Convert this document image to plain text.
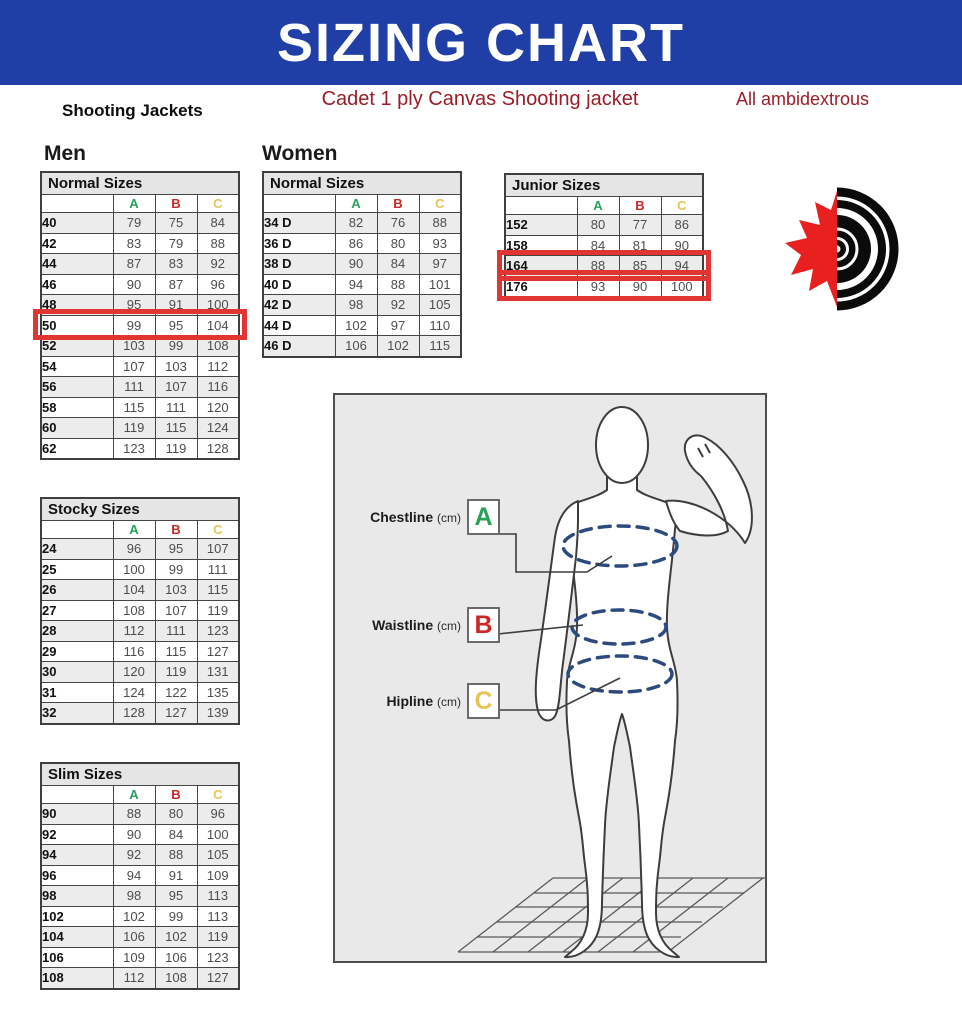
SIZING CHART
Shooting Jackets
Cadet 1 ply Canvas Shooting jacket	All ambidextrous
Men	Women
Normal Sizes			
	A	B	C
40	79	75	84
42	83	79	88
44	87	83	92
46	90	87	96
48	95	91	100
50	99	95	104
52	103	99	108
54	107	103	112
56	111	107	116
58	115	111	120
60	119	115	124
62	123	119	128
Normal Sizes			
	A	B	C
34 D	82	76	88
36 D	86	80	93
38 D	90	84	97
40 D	94	88	101
42 D	98	92	105
44 D	102	97	110
46 D	106	102	115
Junior Sizes			
	A	B	C
152	80	77	86
158	84	81	90
164	88	85	94
176	93	90	100
Stocky Sizes			
	A	B	C
24	96	95	107
25	100	99	111
26	104	103	115
27	108	107	119
28	112	111	123
29	116	115	127
30	120	119	131
31	124	122	135
32	128	127	139
Slim Sizes			
	A	B	C
90	88	80	96
92	90	84	100
94	92	88	105
96	94	91	109
98	98	95	113
102	102	99	113
104	106	102	119
106	109	106	123
108	112	108	127
Chestline (cm) A
Waistline (cm) B
Hipline (cm) C
